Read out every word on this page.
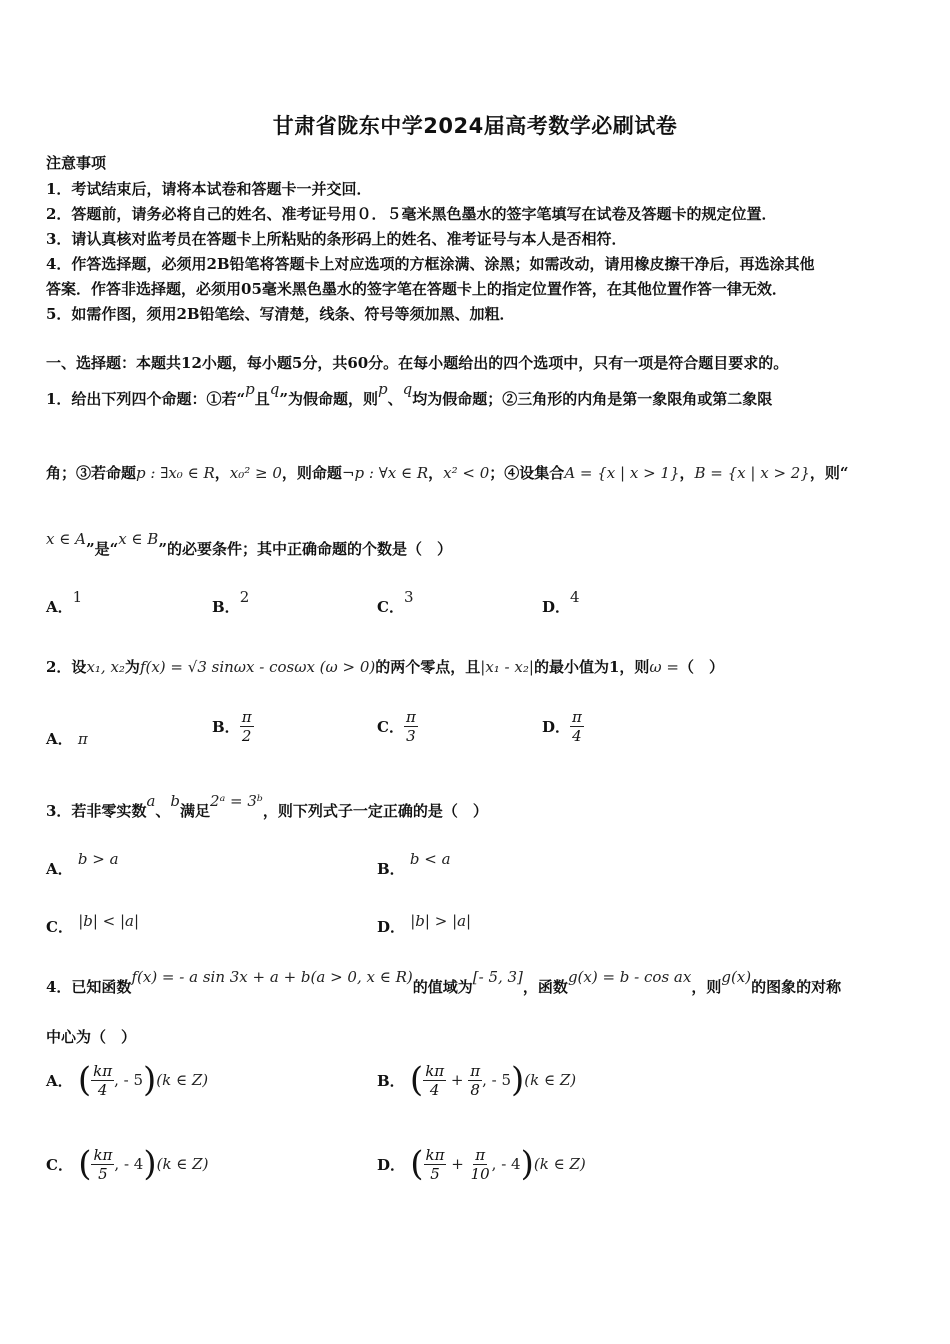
甘肃省陇东中学2024届高考数学必刷试卷
注意事项
1．考试结束后，请将本试卷和答题卡一并交回．
2．答题前，请务必将自己的姓名、准考证号用０．５毫米黑色墨水的签字笔填写在试卷及答题卡的规定位置．
3．请认真核对监考员在答题卡上所粘贴的条形码上的姓名、准考证号与本人是否相符．
4．作答选择题，必须用2B铅笔将答题卡上对应选项的方框涂满、涂黑；如需改动，请用橡皮擦干净后，再选涂其他
答案．作答非选择题，必须用05毫米黑色墨水的签字笔在答题卡上的指定位置作答，在其他位置作答一律无效．
5．如需作图，须用2B铅笔绘、写清楚，线条、符号等须加黑、加粗．
一、选择题：本题共12小题，每小题5分，共60分。在每小题给出的四个选项中，只有一项是符合题目要求的。
1．给出下列四个命题：①若“p且q”为假命题，则p、q均为假命题；②三角形的内角是第一象限角或第二象限
角；③若命题p : ∃x₀ ∈ R，x₀² ≥ 0，则命题¬p : ∀x ∈ R，x² < 0；④设集合A = {x | x > 1}，B = {x | x > 2}，则“
x ∈ A”是“x ∈ B”的必要条件；其中正确命题的个数是（　）
A．1
B．2
C．3
D．4
2．设x₁, x₂为f(x) = √3 sinωx - cosωx (ω > 0)的两个零点，且|x₁ - x₂|的最小值为1，则ω =（　）
A． π
B． $\frac{\pi}{2}$	C． $\frac{\pi}{3}$	D． $\frac{\pi}{4}$
3．若非零实数a、b满足2ᵃ = 3ᵇ，则下列式子一定正确的是（　）
A． b > a
B． b < a
C． |b| < |a|	D． |b| > |a|
4．已知函数f(x) = - a sin 3x + a + b(a > 0, x ∈ R)的值域为[- 5, 3]，函数g(x) = b - cos ax，则g(x)的图象的对称
中心为（　）
A． ( $\frac{k\pi}{4}$ , - 5)(k ∈ Z)	B． ( $\frac{k\pi}{4} + \frac{\pi}{8}$ , - 5)(k ∈ Z)
C． ( $\frac{k\pi}{5}$ , - 4)(k ∈ Z)	D． ( $\frac{k\pi}{5} + \frac{\pi}{10}$ , - 4)(k ∈ Z)
